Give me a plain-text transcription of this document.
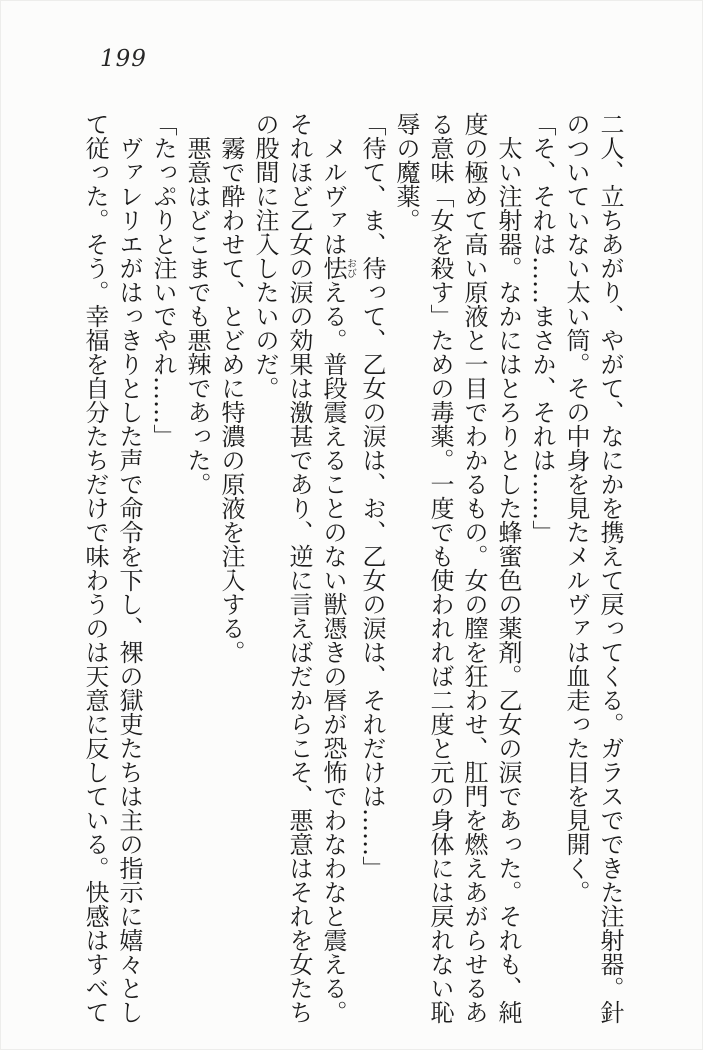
199

二人、立ちあがり、やがて、なにかを携えて戻ってくる。ガラスでできた注射器。針のついていない太い筒。その中身を見たメルヴァは血走った目を見開く。

「そ、それは……まさか、それは……」

太い注射器。なかにはとろりとした蜂蜜色の薬剤。乙女の涙であった。それも、純度の極めて高い原液と一目でわかるもの。女の膣を狂わせ、肛門を燃えあがらせるある意味「女を殺す」ための毒薬。一度でも使われれば二度と元の身体には戻れない恥辱の魔薬。

「待て、ま、待って、乙女の涙は、お、乙女の涙は、それだけは……」

メルヴァは怯おびえる。普段震えることのない獣憑きの唇が恐怖でわなわなと震える。それほど乙女の涙の効果は激甚であり、逆に言えばだからこそ、悪意はそれを女たちの股間に注入したいのだ。

霧で酔わせて、とどめに特濃の原液を注入する。

悪意はどこまでも悪辣であった。

「たっぷりと注いでやれ……」

ヴァレリエがはっきりとした声で命令を下し、裸の獄吏たちは主の指示に嬉々として従った。そう。幸福を自分たちだけで味わうのは天意に反している。快感はすべて
